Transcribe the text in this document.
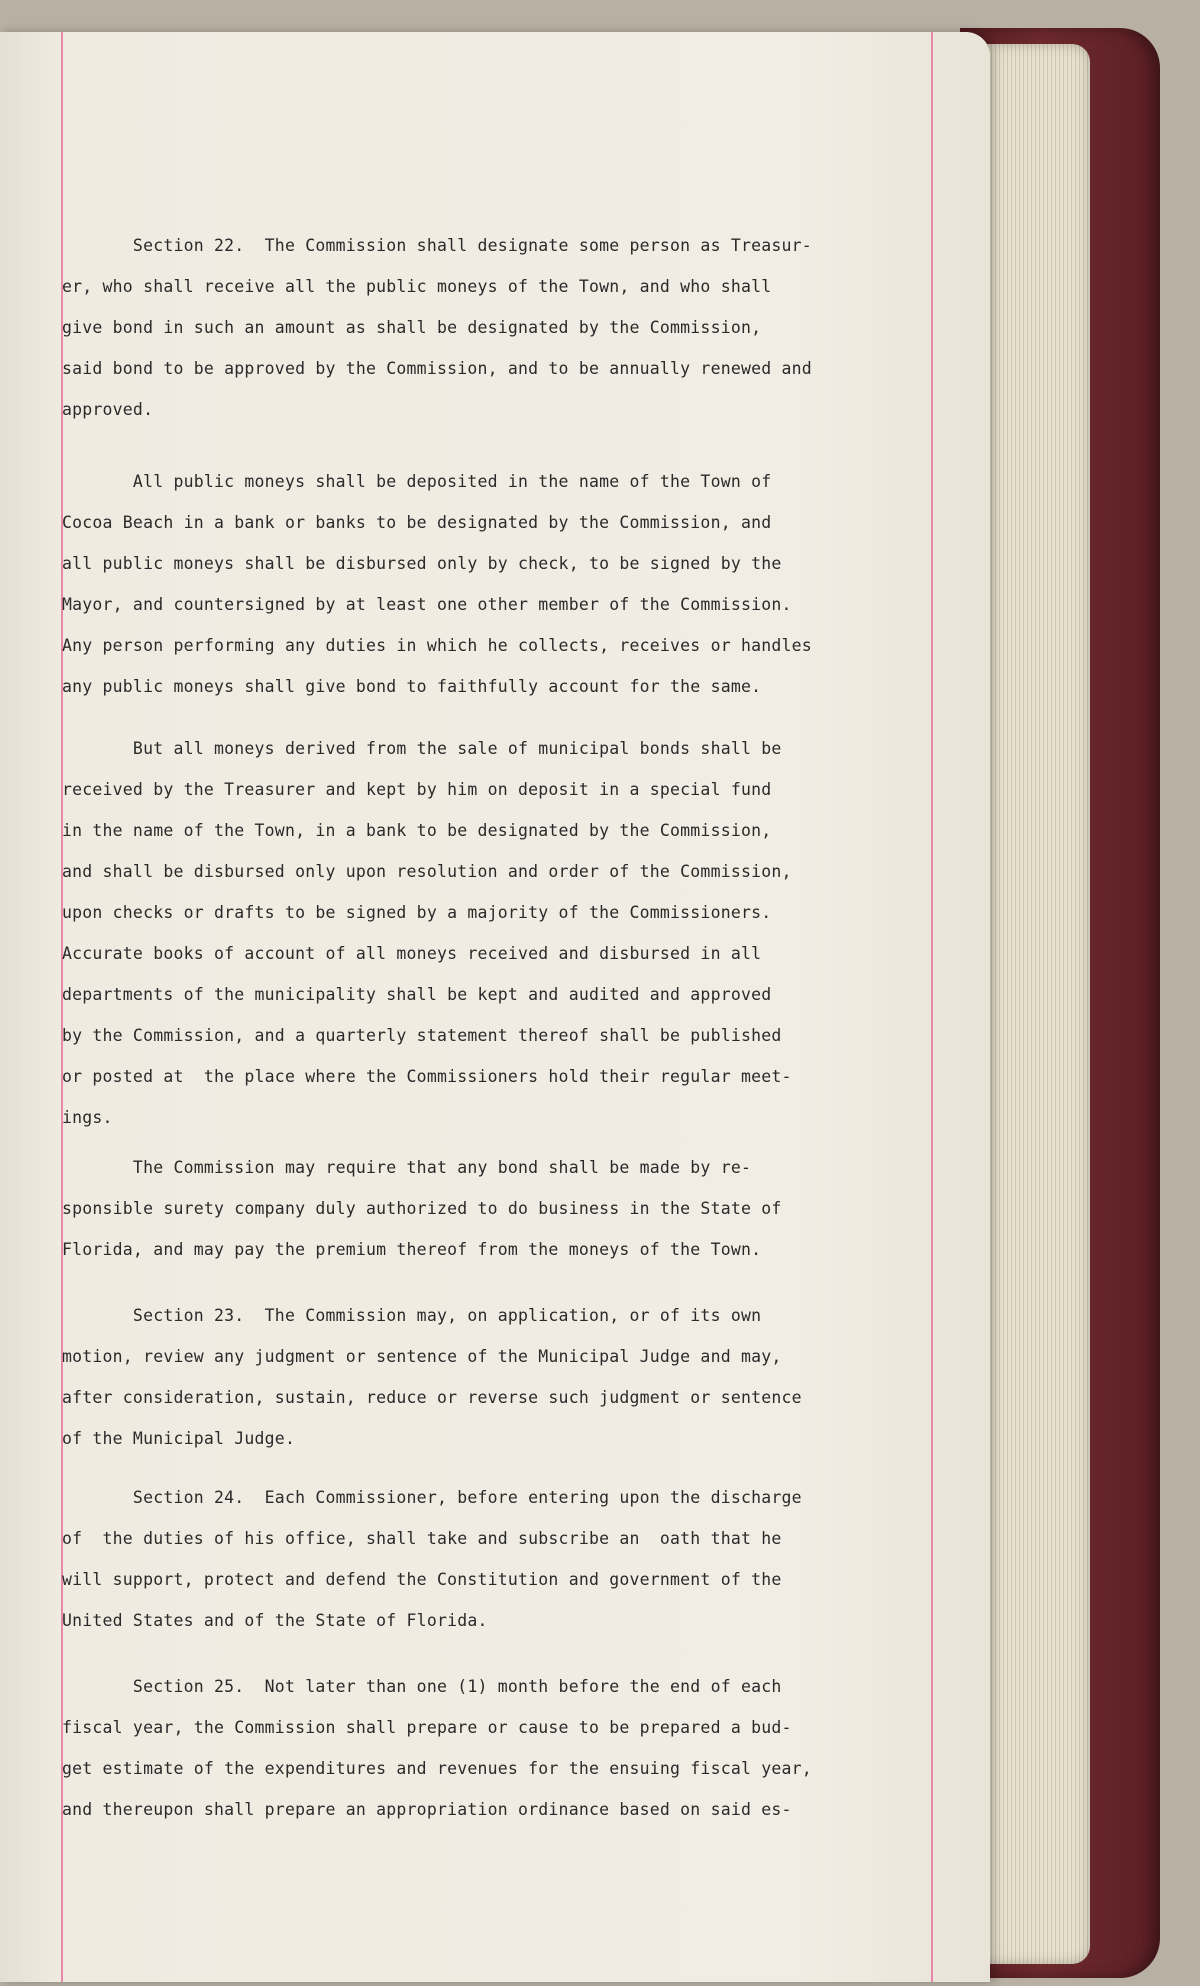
Section 22.  The Commission shall designate some person as Treasur-
er, who shall receive all the public moneys of the Town, and who shall
give bond in such an amount as shall be designated by the Commission,
said bond to be approved by the Commission, and to be annually renewed and
approved.
All public moneys shall be deposited in the name of the Town of
Cocoa Beach in a bank or banks to be designated by the Commission, and
all public moneys shall be disbursed only by check, to be signed by the
Mayor, and countersigned by at least one other member of the Commission.
Any person performing any duties in which he collects, receives or handles
any public moneys shall give bond to faithfully account for the same.
But all moneys derived from the sale of municipal bonds shall be
received by the Treasurer and kept by him on deposit in a special fund
in the name of the Town, in a bank to be designated by the Commission,
and shall be disbursed only upon resolution and order of the Commission,
upon checks or drafts to be signed by a majority of the Commissioners.
Accurate books of account of all moneys received and disbursed in all
departments of the municipality shall be kept and audited and approved
by the Commission, and a quarterly statement thereof shall be published
or posted at  the place where the Commissioners hold their regular meet-
ings.
The Commission may require that any bond shall be made by re-
sponsible surety company duly authorized to do business in the State of
Florida, and may pay the premium thereof from the moneys of the Town.
Section 23.  The Commission may, on application, or of its own
motion, review any judgment or sentence of the Municipal Judge and may,
after consideration, sustain, reduce or reverse such judgment or sentence
of the Municipal Judge.
Section 24.  Each Commissioner, before entering upon the discharge
of  the duties of his office, shall take and subscribe an  oath that he
will support, protect and defend the Constitution and government of the
United States and of the State of Florida.
Section 25.  Not later than one (1) month before the end of each
fiscal year, the Commission shall prepare or cause to be prepared a bud-
get estimate of the expenditures and revenues for the ensuing fiscal year,
and thereupon shall prepare an appropriation ordinance based on said es-
